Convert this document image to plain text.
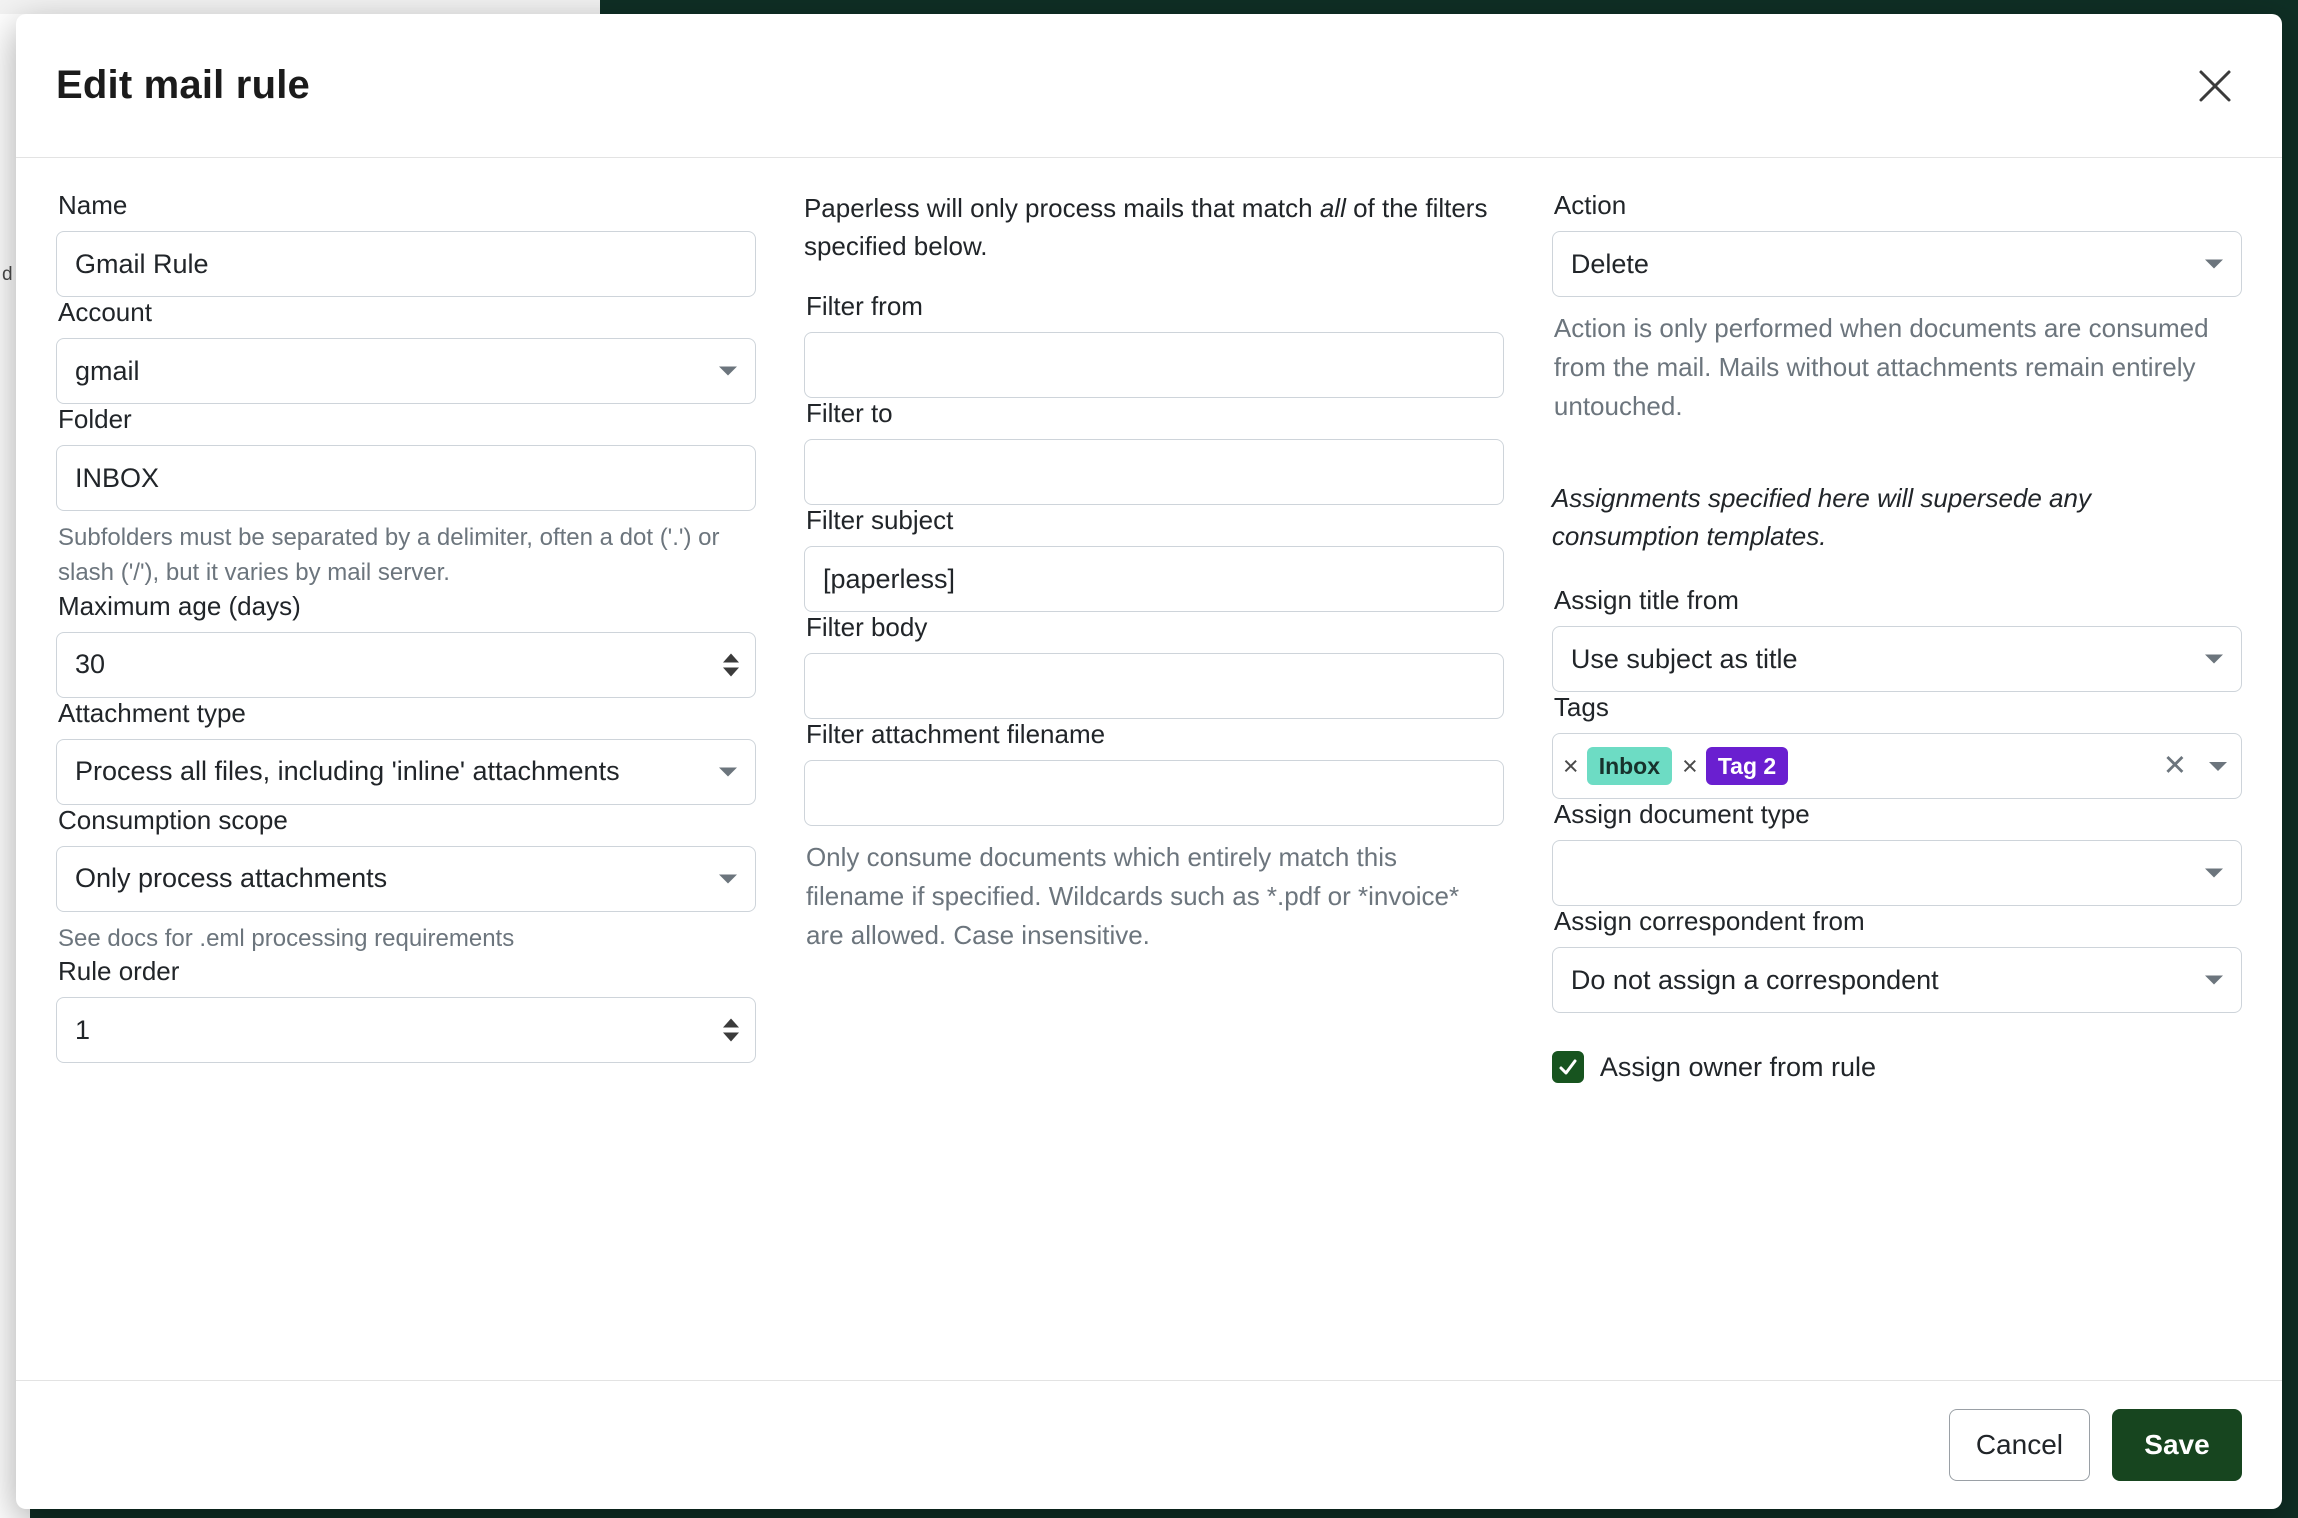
d
Edit mail rule
Name
Gmail Rule
Account
gmail
Folder
INBOX
Subfolders must be separated by a delimiter, often a dot ('.') or slash ('/'), but it varies by mail server.
Maximum age (days)
30
Attachment type
Process all files, including 'inline' attachments
Consumption scope
Only process attachments
See docs for .eml processing requirements
Rule order
1

Paperless will only process mails that match all of the filters specified below.

Filter from
Filter to
Filter subject
[paperless]
Filter body
Filter attachment filename
Only consume documents which entirely match this filename if specified. Wildcards such as *.pdf or *invoice* are allowed. Case insensitive.
Action
Delete
Action is only performed when documents are consumed from the mail. Mails without attachments remain entirely untouched.

Assignments specified here will supersede any consumption templates.

Assign title from
Use subject as title
Tags
× Inbox × Tag 2	✕
Assign document type
Assign correspondent from
Do not assign a correspondent
Assign owner from rule
Cancel	Save
